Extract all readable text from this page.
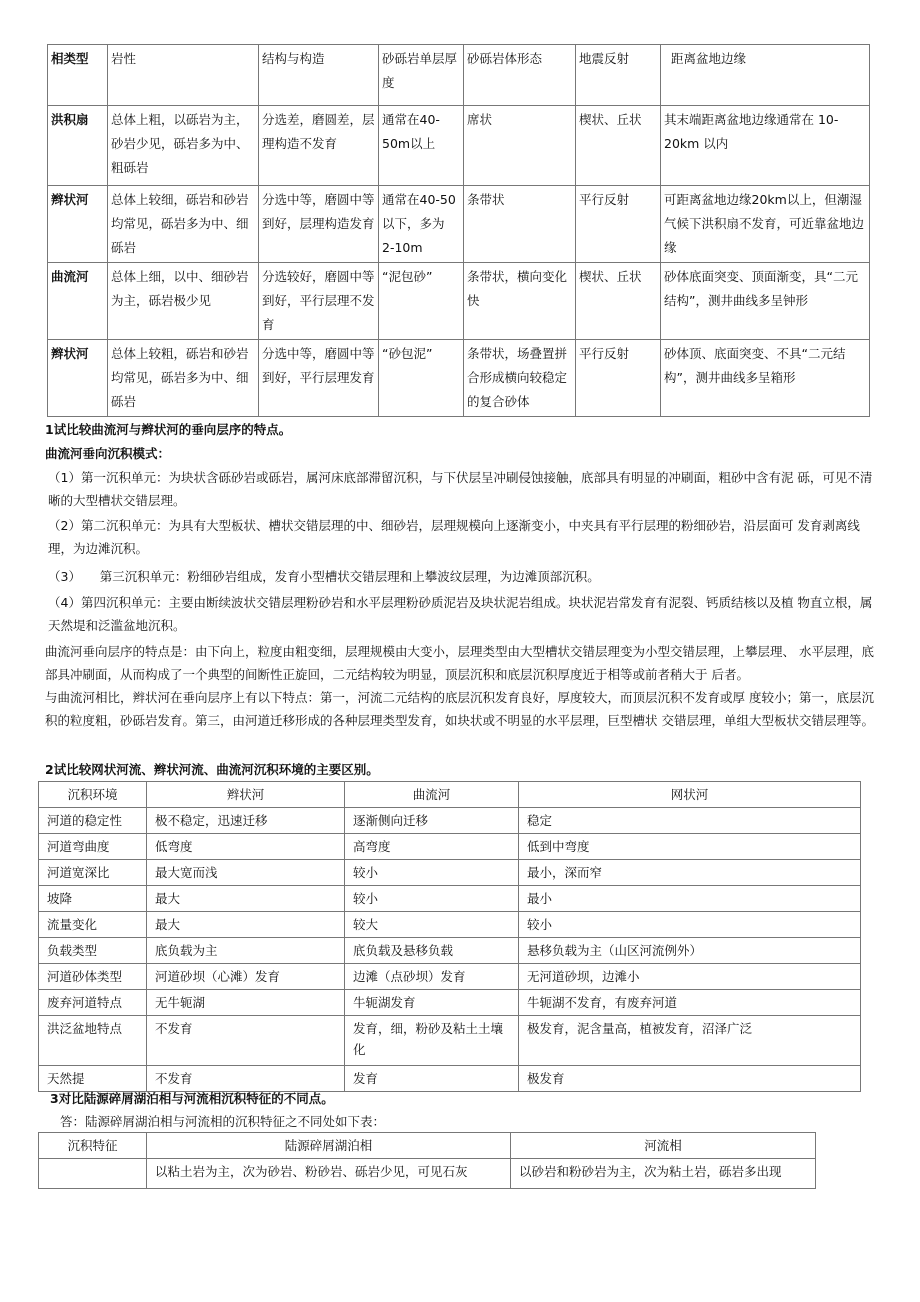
相类型	岩性	结构与构造	砂砾岩单层厚度	砂砾岩体形态	地震反射	距离盆地边缘
洪积扇	总体上粗，以砾岩为主，砂岩少见，砾岩多为中、粗砾岩	分选差，磨圆差，层理构造不发育	通常在40-50m以上	席状	楔状、丘状	其末端距离盆地边缘通常在 10-20km 以内
辫状河	总体上较细，砾岩和砂岩均常见，砾岩多为中、细砾岩	分选中等，磨圆中等到好，层理构造发育	通常在40-50以下，多为 2-10m	条带状	平行反射	可距离盆地边缘20km以上，但潮湿气候下洪积扇不发育，可近靠盆地边缘
曲流河	总体上细，以中、细砂岩为主，砾岩极少见	分选较好，磨圆中等到好，平行层理不发育	“泥包砂”	条带状，横向变化快	楔状、丘状	砂体底面突变、顶面渐变，具“二元结构”，测井曲线多呈钟形
辫状河	总体上较粗，砾岩和砂岩均常见，砾岩多为中、细砾岩	分选中等，磨圆中等到好，平行层理发育	“砂包泥”	条带状，场叠置拼合形成横向较稳定的复合砂体	平行反射	砂体顶、底面突变、不具“二元结构”，测井曲线多呈箱形
1试比较曲流河与辫状河的垂向层序的特点。
曲流河垂向沉积模式：
（1）第一沉积单元：为块状含砾砂岩或砾岩，属河床底部滞留沉积，与下伏层呈冲刷侵蚀接触，底部具有明显的冲刷面，粗砂中含有泥 砾，可见不清晰的大型槽状交错层理。
（2）第二沉积单元：为具有大型板状、槽状交错层理的中、细砂岩，层理规模向上逐渐变小，中夹具有平行层理的粉细砂岩，沿层面可 发育剥离线理，为边滩沉积。
（3）　　第三沉积单元：粉细砂岩组成，发育小型槽状交错层理和上攀波纹层理，为边滩顶部沉积。
（4）第四沉积单元：主要由断续波状交错层理粉砂岩和水平层理粉砂质泥岩及块状泥岩组成。块状泥岩常发育有泥裂、钙质结核以及植 物直立根，属天然堤和泛滥盆地沉积。
曲流河垂向层序的特点是：由下向上，粒度由粗变细，层理规模由大变小，层理类型由大型槽状交错层理变为小型交错层理，上攀层理、 水平层理，底部具冲刷面，从而构成了一个典型的间断性正旋回，二元结构较为明显，顶层沉积和底层沉积厚度近于相等或前者稍大于 后者。
与曲流河相比，辫状河在垂向层序上有以下特点：第一，河流二元结构的底层沉积发育良好，厚度较大，而顶层沉积不发育或厚 度较小；第一，底层沉积的粒度粗，砂砾岩发育。第三，由河道迁移形成的各种层理类型发育，如块状或不明显的水平层理，巨型槽状 交错层理，单组大型板状交错层理等。
2试比较网状河流、辫状河流、曲流河沉积环境的主要区别。
沉积环境	辫状河	曲流河	网状河
河道的稳定性	极不稳定，迅速迁移	逐渐侧向迁移	稳定
河道弯曲度	低弯度	高弯度	低到中弯度
河道宽深比	最大宽而浅	较小	最小，深而窄
坡降	最大	较小	最小
流量变化	最大	较大	较小
负载类型	底负载为主	底负载及悬移负载	悬移负载为主（山区河流例外）
河道砂体类型	河道砂坝（心滩）发育	边滩（点砂坝）发育	无河道砂坝，边滩小
废弃河道特点	无牛轭湖	牛轭湖发育	牛轭湖不发育，有废弃河道
洪泛盆地特点	不发育	发育，细，粉砂及粘土土壤化	极发育，泥含量高，植被发育，沼泽广泛
天然提	不发育	发育	极发育
3对比陆源碎屑湖泊相与河流相沉积特征的不同点。
答：陆源碎屑湖泊相与河流相的沉积特征之不同处如下表：
沉积特征	陆源碎屑湖泊相	河流相
	以粘土岩为主，次为砂岩、粉砂岩、砾岩少见，可见石灰	以砂岩和粉砂岩为主，次为粘土岩，砾岩多出现
